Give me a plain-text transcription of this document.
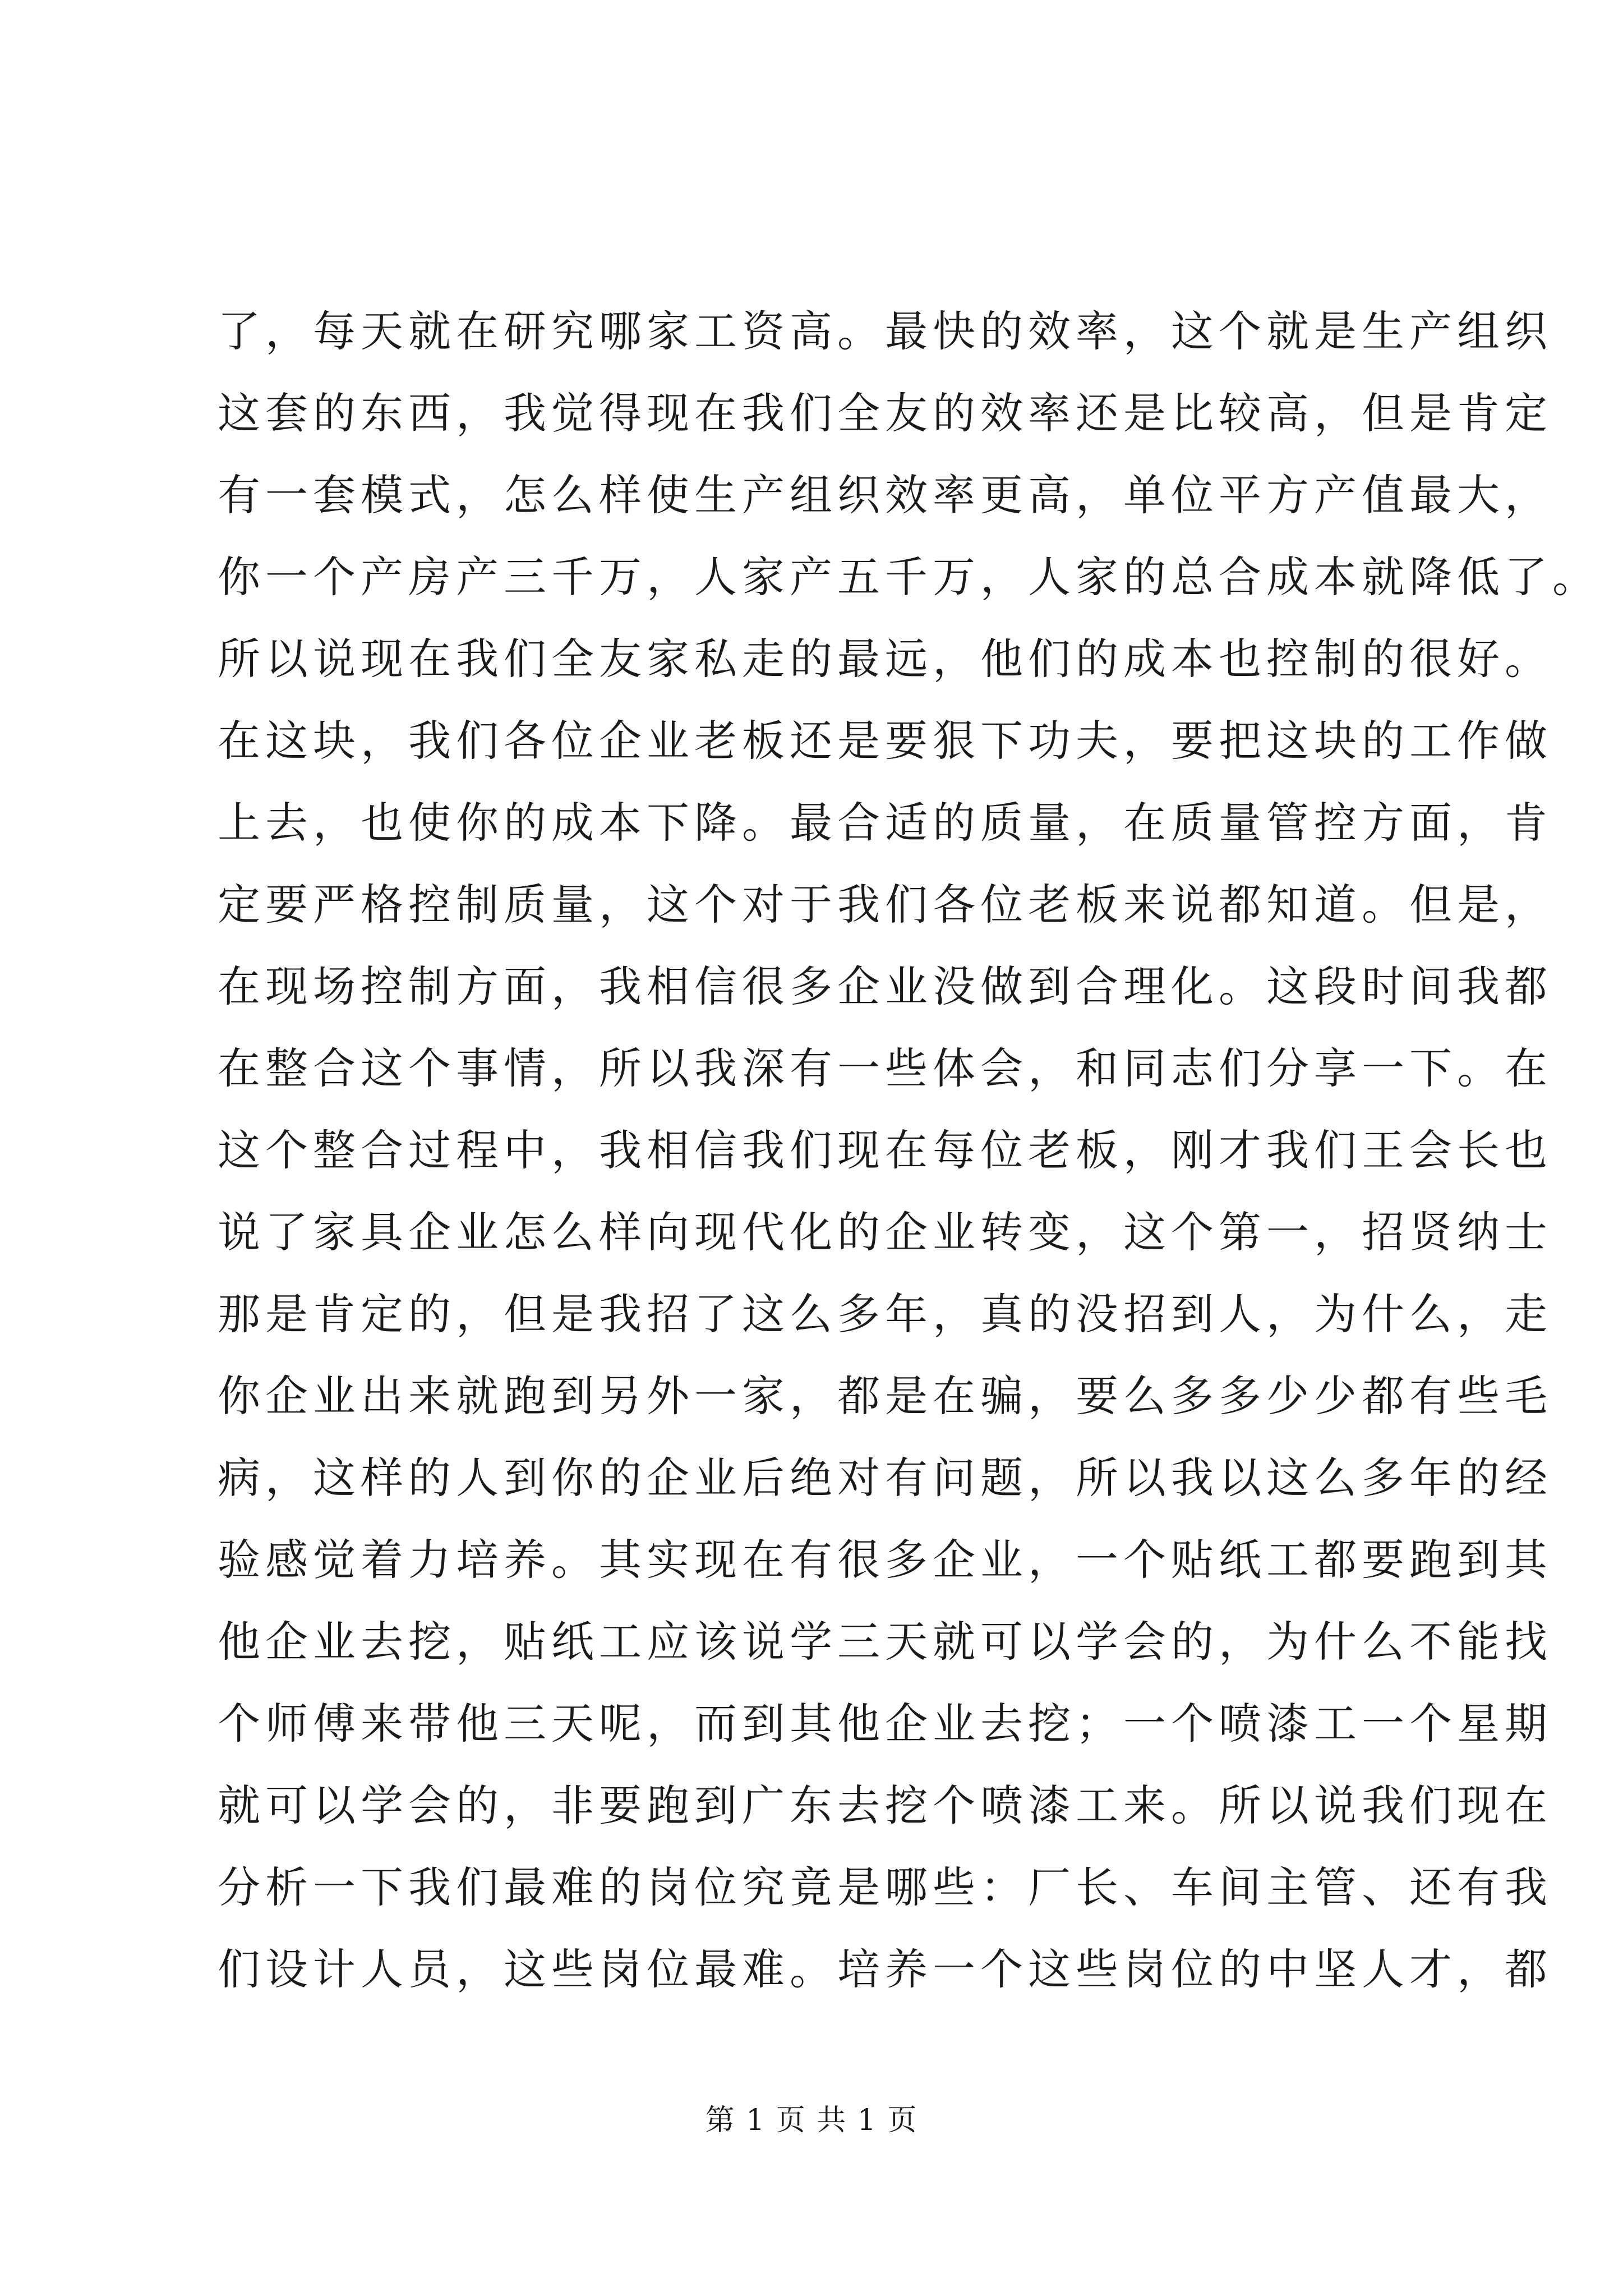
了，每天就在研究哪家工资高。最快的效率，这个就是生产组织
这套的东西，我觉得现在我们全友的效率还是比较高，但是肯定
有一套模式，怎么样使生产组织效率更高，单位平方产值最大，
你一个产房产三千万，人家产五千万，人家的总合成本就降低了。
所以说现在我们全友家私走的最远，他们的成本也控制的很好。
在这块，我们各位企业老板还是要狠下功夫，要把这块的工作做
上去，也使你的成本下降。最合适的质量，在质量管控方面，肯
定要严格控制质量，这个对于我们各位老板来说都知道。但是，
在现场控制方面，我相信很多企业没做到合理化。这段时间我都
在整合这个事情，所以我深有一些体会，和同志们分享一下。在
这个整合过程中，我相信我们现在每位老板，刚才我们王会长也
说了家具企业怎么样向现代化的企业转变，这个第一，招贤纳士
那是肯定的，但是我招了这么多年，真的没招到人，为什么，走
你企业出来就跑到另外一家，都是在骗，要么多多少少都有些毛
病，这样的人到你的企业后绝对有问题，所以我以这么多年的经
验感觉着力培养。其实现在有很多企业，一个贴纸工都要跑到其
他企业去挖，贴纸工应该说学三天就可以学会的，为什么不能找
个师傅来带他三天呢，而到其他企业去挖；一个喷漆工一个星期
就可以学会的，非要跑到广东去挖个喷漆工来。所以说我们现在
分析一下我们最难的岗位究竟是哪些：厂长、车间主管、还有我
们设计人员，这些岗位最难。培养一个这些岗位的中坚人才，都
第 1 页 共 1 页
